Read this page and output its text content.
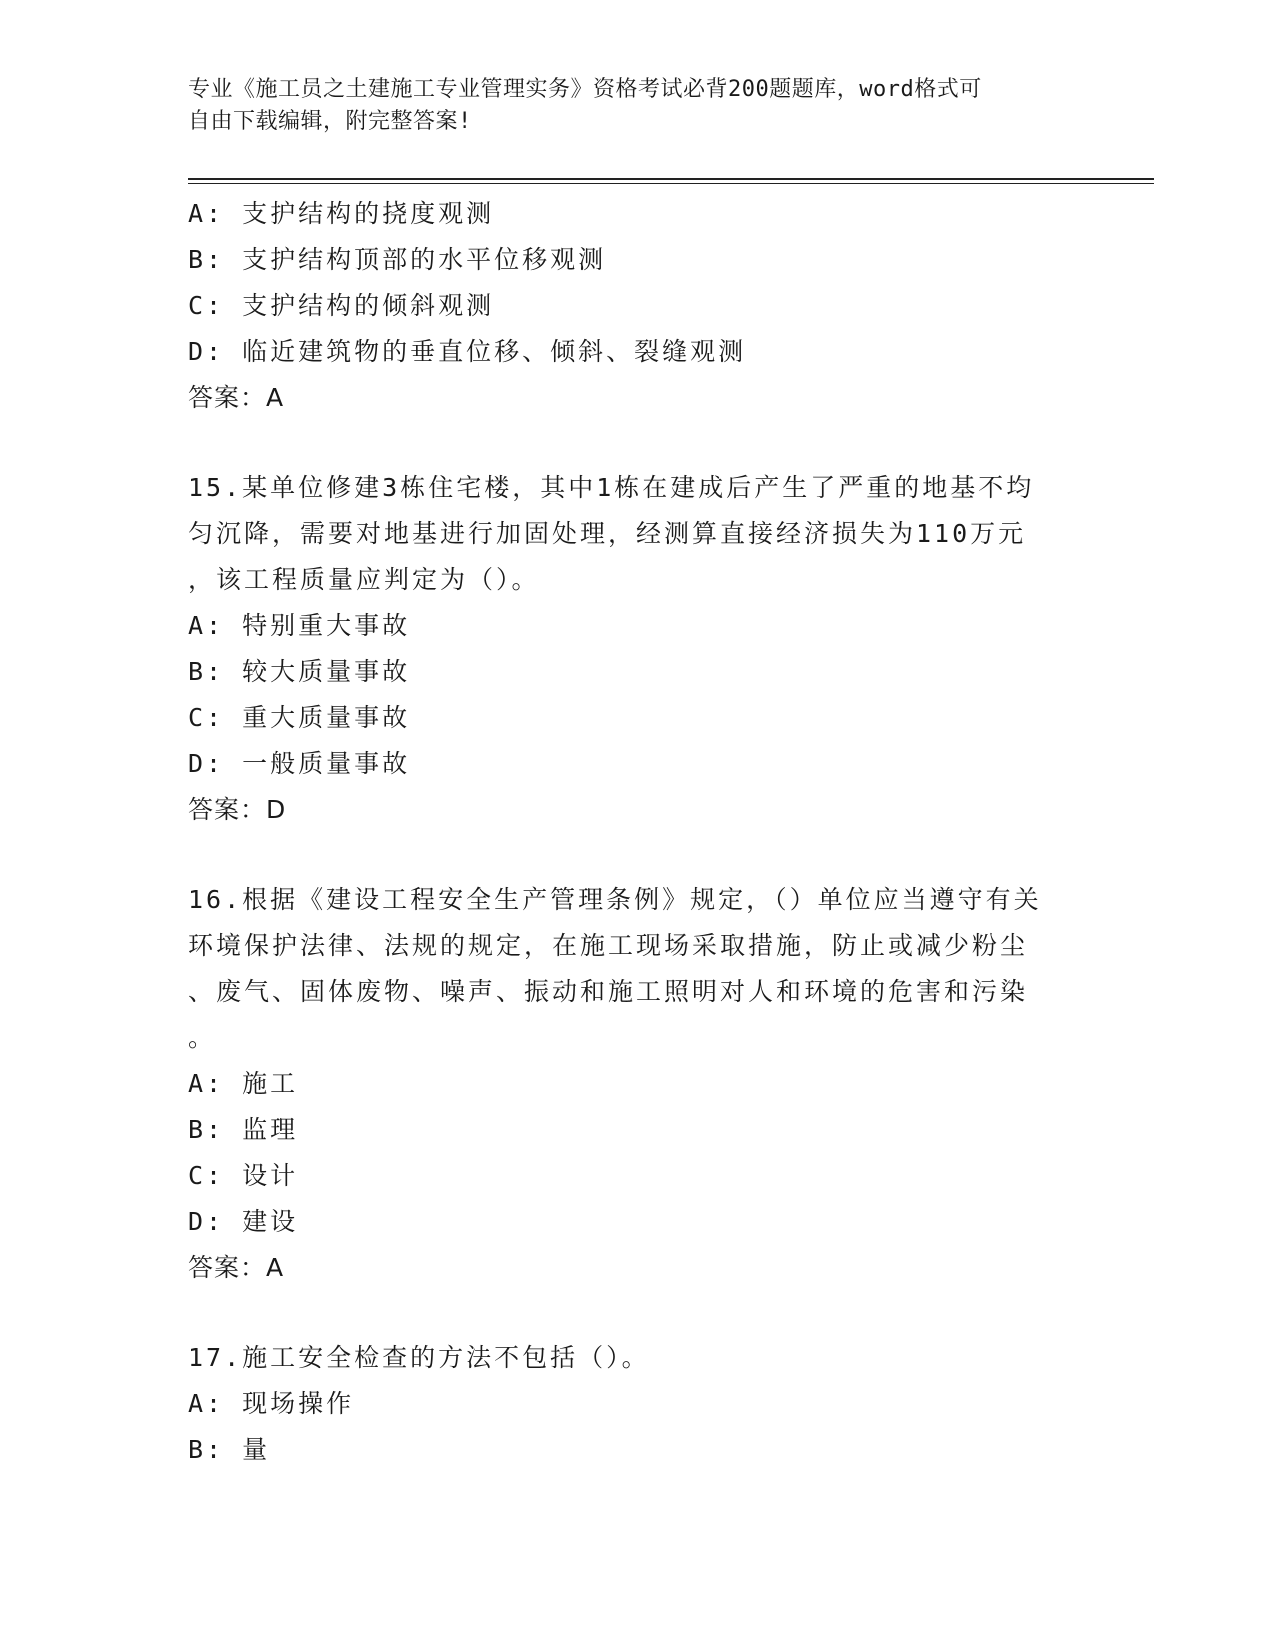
专业《施工员之土建施工专业管理实务》资格考试必背200题题库，word格式可
自由下载编辑，附完整答案!
A: 支护结构的挠度观测
B: 支护结构顶部的水平位移观测
C: 支护结构的倾斜观测
D: 临近建筑物的垂直位移、倾斜、裂缝观测
答案：A
15.某单位修建3栋住宅楼，其中1栋在建成后产生了严重的地基不均
匀沉降，需要对地基进行加固处理，经测算直接经济损失为110万元
，该工程质量应判定为（）。
A: 特别重大事故
B: 较大质量事故
C: 重大质量事故
D: 一般质量事故
答案：D
16.根据《建设工程安全生产管理条例》规定，（）单位应当遵守有关
环境保护法律、法规的规定，在施工现场采取措施，防止或减少粉尘
、废气、固体废物、噪声、振动和施工照明对人和环境的危害和污染
。
A: 施工
B: 监理
C: 设计
D: 建设
答案：A
17.施工安全检查的方法不包括（）。
A: 现场操作
B: 量
